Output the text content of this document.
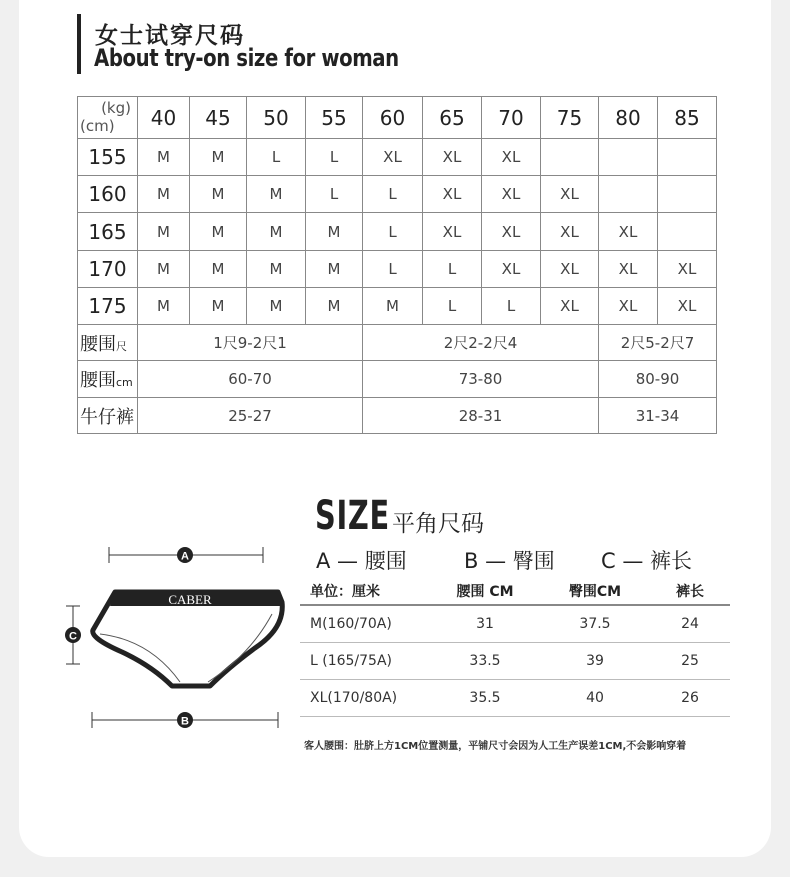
女士试穿尺码
About try-on size for woman
(kg)
(cm)	40	45	50	55	60	65	70	75	80	85
155	M	M	L	L	XL	XL	XL			
160	M	M	M	L	L	XL	XL	XL		
165	M	M	M	M	L	XL	XL	XL	XL	
170	M	M	M	M	L	L	XL	XL	XL	XL
175	M	M	M	M	M	L	L	XL	XL	XL
腰围尺	1尺9-2尺1				2尺2-2尺4				2尺5-2尺7	
腰围cm	60-70				73-80				80-90	
牛仔裤	25-27				28-31				31-34	
A
C
CABER
B
SIZE 平角尺码
A — 腰围	B — 臀围 C — 裤长
单位：厘米	腰围 CM	臀围CM	裤长
M(160/70A)	31	37.5	24
L (165/75A)	33.5	39	25
XL(170/80A)	35.5	40	26
客人腰围：肚脐上方1CM位置测量，平铺尺寸会因为人工生产误差1CM,不会影响穿着
